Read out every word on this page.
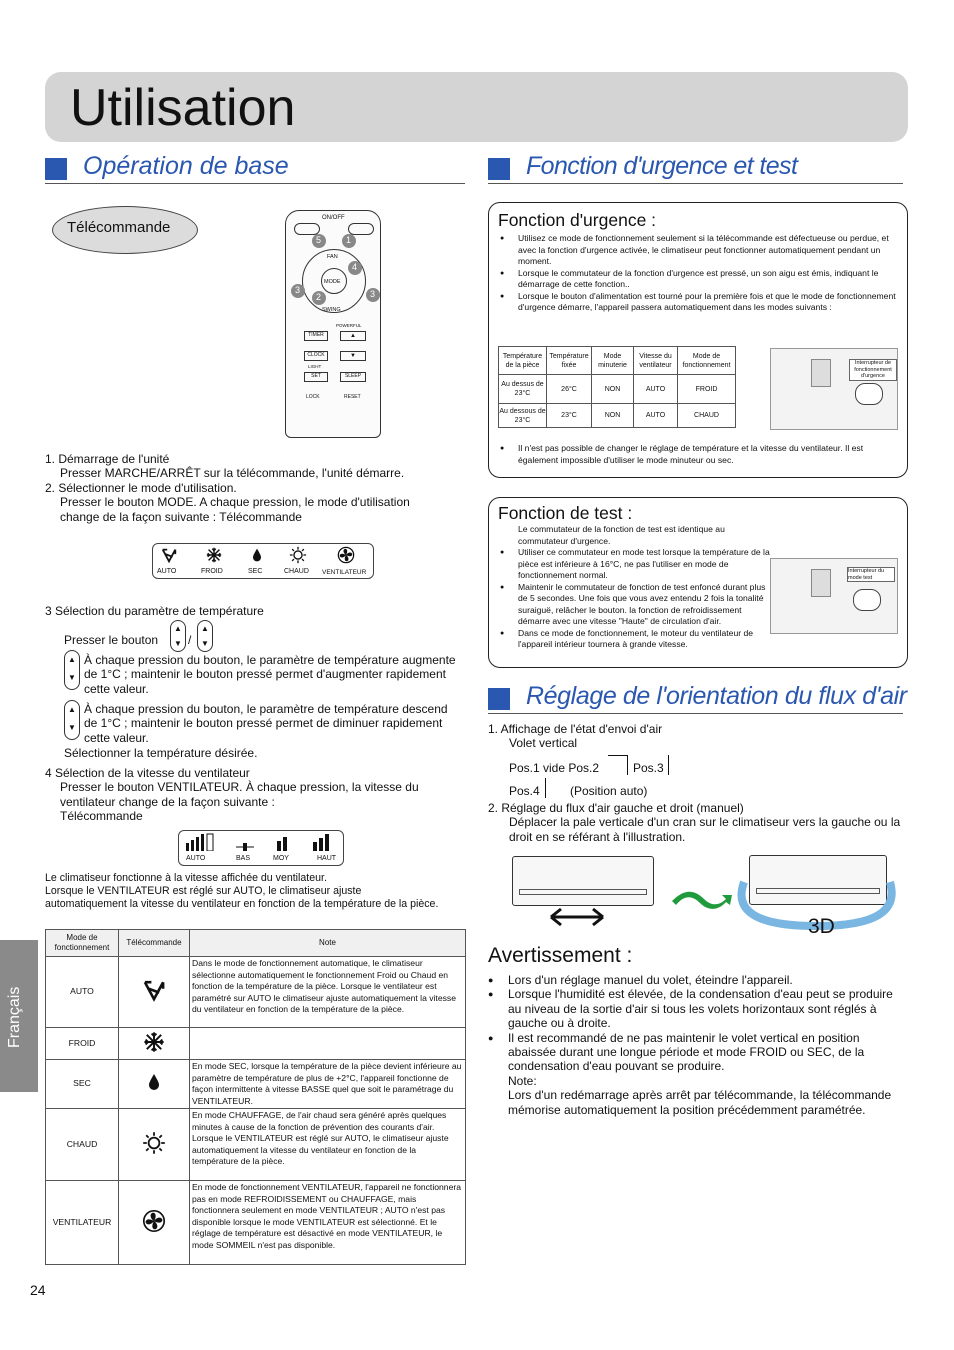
Utilisation
Opération de base
Télécommande
ON/OFF
MODE
FAN
SWING
3
2
5	1
4
3
TIMER
POWERFUL
▲
CLOCK	▼
LIGHT
SET	SLEEP
LOCK	RESET
1. Démarrage de l'unité
Presser MARCHE/ARRÊT sur la télécommande, l'unité démarre.
2. Sélectionner le mode d'utilisation.
Presser le bouton MODE. A chaque pression, le mode d'utilisation
change de la façon suivante : Télécommande
AUTO	FROID	SEC	CHAUD VENTILATEUR
3 Sélection du paramètre de température
Presser le bouton
▲
▼ /
▲
▼
▲
▼
À chaque pression du bouton, le paramètre de température augmente de 1°C ; maintenir le bouton pressé permet d'augmenter rapidement cette valeur.
▲
▼
À chaque pression du bouton, le paramètre de température descend de 1°C ; maintenir le bouton pressé permet de diminuer rapidement cette valeur.
Sélectionner la température désirée.
4 Sélection de la vitesse du ventilateur
Presser le bouton VENTILATEUR. À chaque pression, la vitesse du
ventilateur change de la façon suivante :
Télécommande
AUTO	BAS	MOY	HAUT
Le climatiseur fonctionne à la vitesse affichée du ventilateur.
Lorsque le VENTILATEUR est réglé sur AUTO, le climatiseur ajuste
automatiquement la vitesse du ventilateur en fonction de la température de la pièce.
Mode de fonctionnement	Télécommande	Note
AUTO		Dans le mode de fonctionnement automatique, le climatiseur sélectionne automatiquement le fonctionnement Froid ou Chaud en fonction de la température de la pièce. Lorsque le ventilateur est paramétré sur AUTO le climatiseur ajuste automatiquement la vitesse du ventilateur en fonction de la température de la pièce.
FROID		
SEC		En mode SEC, lorsque la température de la pièce devient inférieure au paramètre de température de plus de +2°C, l'appareil fonctionne de façon intermittente à vitesse BASSE quel que soit le paramétrage du VENTILATEUR.
CHAUD		En mode CHAUFFAGE, de l'air chaud sera généré après quelques minutes à cause de la fonction de prévention des courants d'air.
Lorsque le VENTILATEUR est réglé sur AUTO, le climatiseur ajuste automatiquement la vitesse du ventilateur en fonction de la température de la pièce.
VENTILATEUR		En mode de fonctionnement VENTILATEUR, l'appareil ne fonctionnera pas en mode REFROIDISSEMENT ou CHAUFFAGE, mais fonctionnera seulement en mode VENTILATEUR ; AUTO n'est pas disponible lorsque le mode VENTILATEUR est sélectionné. Et le
réglage de température est désactivé en mode VENTILATEUR, le mode SOMMEIL n'est pas disponible.
Français
24
Fonction d'urgence et test
Fonction d'urgence :
● Utilisez ce mode de fonctionnement seulement si la télécommande est défectueuse ou perdue, et avec la fonction d'urgence activée, le climatiseur peut fonctionner automatiquement pendant un moment.
● Lorsque le commutateur de la fonction d'urgence est pressé, un son aigu est émis, indiquant le démarrage de cette fonction..
● Lorsque le bouton d'alimentation est tourné pour la première fois et que le mode de fonctionnement d'urgence démarre, l'appareil passera automatiquement dans les modes suivants :
Température de la pièce	Température fixée	Mode minuterie	Vitesse du ventilateur	Mode de fonctionnement
Au dessus de 23°C	26°C	NON	AUTO	FROID
Au dessous de 23°C	23°C	NON	AUTO	CHAUD
Interrupteur de fonctionnement d'urgence
● Il n'est pas possible de changer le réglage de température et la vitesse du ventilateur. Il est également impossible d'utiliser le mode minuteur ou sec.
Fonction de test :
Le commutateur de la fonction de test est identique au commutateur d'urgence.
● Utiliser ce commutateur en mode test lorsque la température de la pièce est inférieure à 16°C, ne pas l'utiliser en mode de fonctionnement normal.
● Maintenir le commutateur de fonction de test enfoncé durant plus de 5 secondes. Une fois que vous avez entendu 2 fois la tonalité suraiguë, relâcher le bouton. la fonction de refroidissement démarre avec une vitesse "Haute" de circulation d'air.
● Dans ce mode de fonctionnement, le moteur du ventilateur de l'appareil intérieur tournera à grande vitesse.
Interrupteur du mode test
Réglage de l'orientation du flux d'air
1. Affichage de l'état d'envoi d'air
Volet vertical
Pos.1 vide Pos.2	Pos.3
Pos.4	(Position auto)
2. Réglage du flux d'air gauche et droit (manuel)
Déplacer la pale verticale d'un cran sur le climatiseur vers la gauche ou la droit en se référant à l'illustration.
3D
Avertissement :
● Lors d'un réglage manuel du volet, éteindre l'appareil.
● Lorsque l'humidité est élevée, de la condensation d'eau peut se produire au niveau de la sortie d'air si tous les volets horizontaux sont réglés à gauche ou à droite.
● Il est recommandé de ne pas maintenir le volet vertical en position abaissée durant une longue période et mode FROID ou SEC, de la condensation d'eau pouvant se produire.
Note:
Lors d'un redémarrage après arrêt par télécommande, la télécommande mémorise automatiquement la position précédemment paramétrée.
